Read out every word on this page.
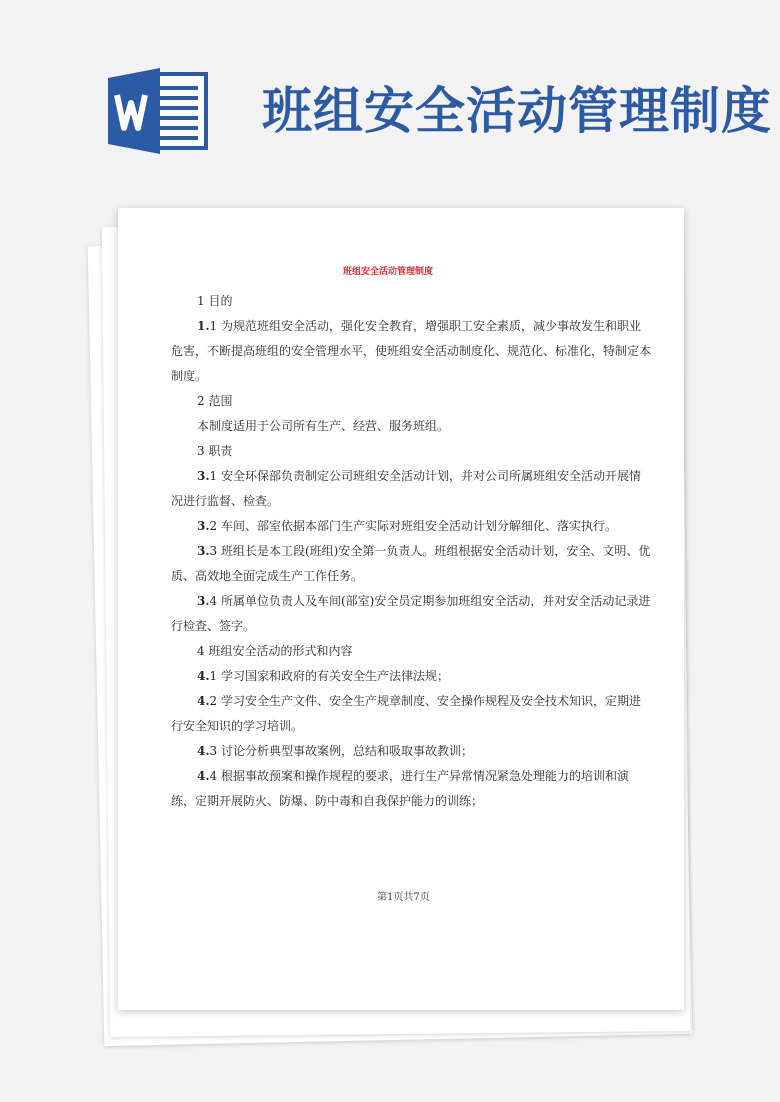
班组安全活动管理制度
班组安全活动管理制度

1 目的

1.1 为规范班组安全活动，强化安全教育，增强职工安全素质，减少事故发生和职业危害，不断提高班组的安全管理水平，使班组安全活动制度化、规范化、标准化，特制定本制度。

2 范围

本制度适用于公司所有生产、经营、服务班组。

3 职责

3.1 安全环保部负责制定公司班组安全活动计划，并对公司所属班组安全活动开展情况进行监督、检查。

3.2 车间、部室依据本部门生产实际对班组安全活动计划分解细化、落实执行。

3.3 班组长是本工段(班组)安全第一负责人。班组根据安全活动计划，安全、文明、优质、高效地全面完成生产工作任务。

3.4 所属单位负责人及车间(部室)安全员定期参加班组安全活动，并对安全活动记录进行检查、签字。

4 班组安全活动的形式和内容

4.1 学习国家和政府的有关安全生产法律法规；

4.2 学习安全生产文件、安全生产规章制度、安全操作规程及安全技术知识，定期进行安全知识的学习培训。

4.3 讨论分析典型事故案例，总结和吸取事故教训；

4.4 根据事故预案和操作规程的要求，进行生产异常情况紧急处理能力的培训和演练，定期开展防火、防爆、防中毒和自我保护能力的训练；

第1页共7页
